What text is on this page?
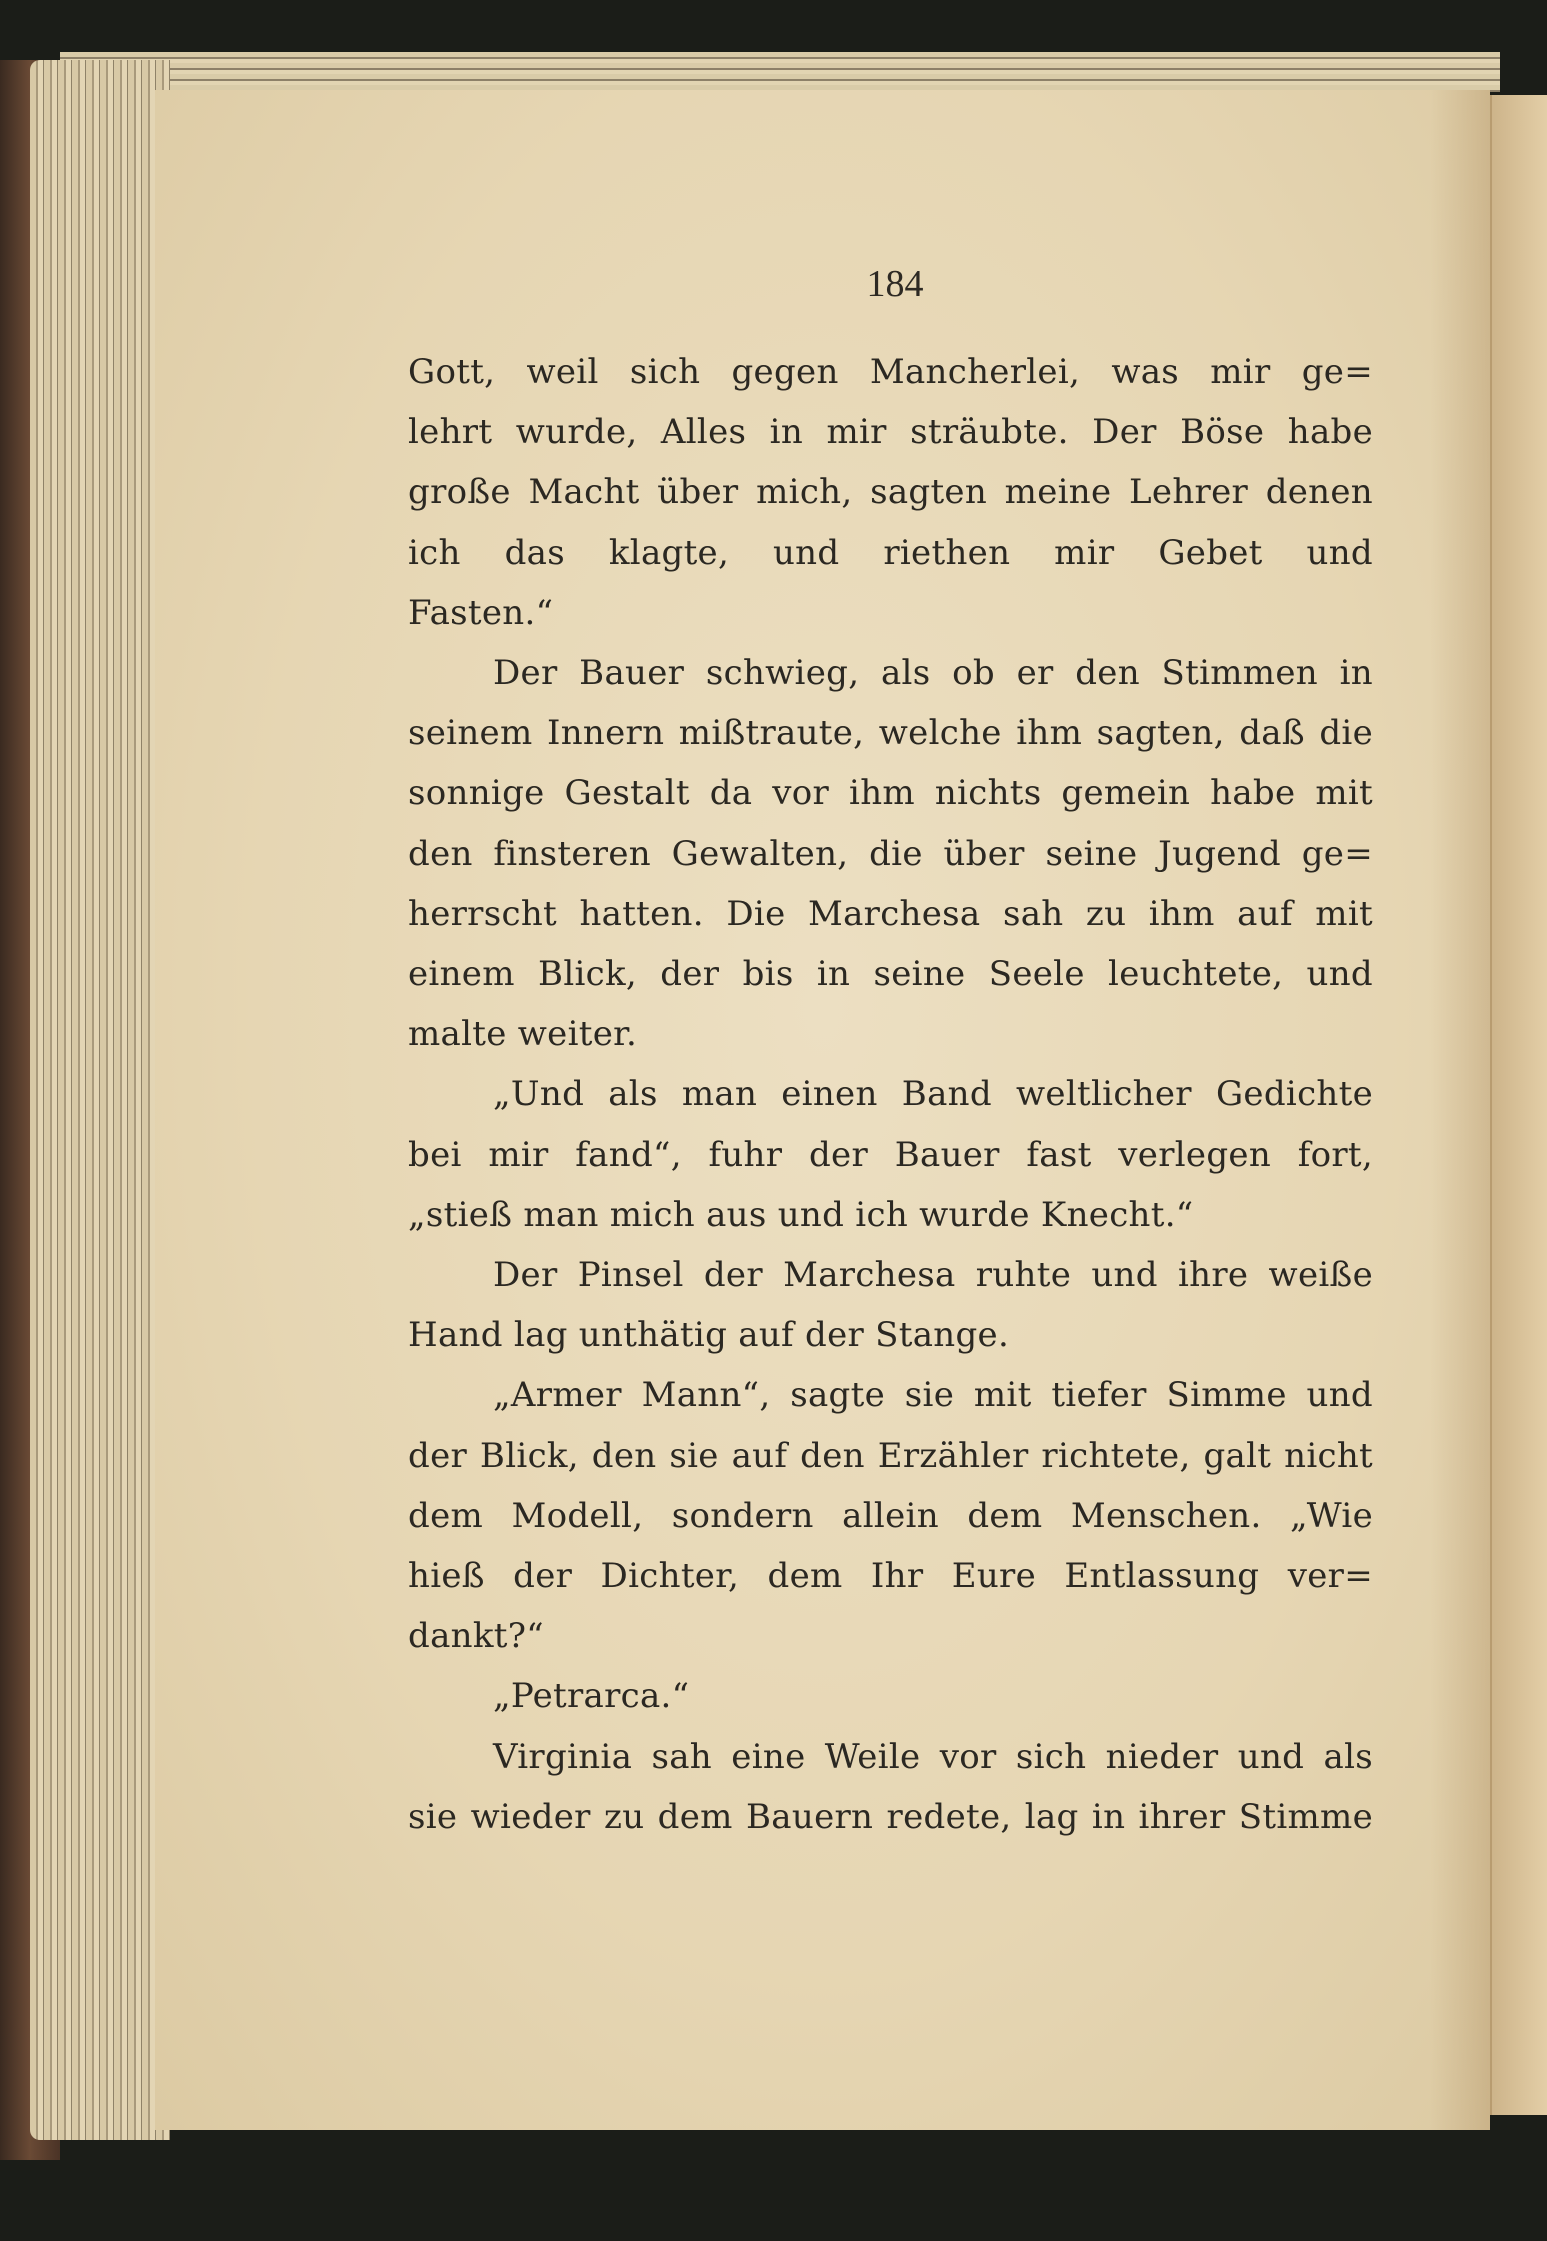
184
Gott, weil sich gegen Mancherlei, was mir ge=
lehrt wurde, Alles in mir sträubte. Der Böse habe
große Macht über mich, sagten meine Lehrer denen
ich das klagte, und riethen mir Gebet und
Fasten.“
Der Bauer schwieg, als ob er den Stimmen in
seinem Innern mißtraute, welche ihm sagten, daß die
sonnige Gestalt da vor ihm nichts gemein habe mit
den finsteren Gewalten, die über seine Jugend ge=
herrscht hatten. Die Marchesa sah zu ihm auf mit
einem Blick, der bis in seine Seele leuchtete, und
malte weiter.
„Und als man einen Band weltlicher Gedichte
bei mir fand“, fuhr der Bauer fast verlegen fort,
„stieß man mich aus und ich wurde Knecht.“
Der Pinsel der Marchesa ruhte und ihre weiße
Hand lag unthätig auf der Stange.
„Armer Mann“, sagte sie mit tiefer Simme und
der Blick, den sie auf den Erzähler richtete, galt nicht
dem Modell, sondern allein dem Menschen. „Wie
hieß der Dichter, dem Ihr Eure Entlassung ver=
dankt?“
„Petrarca.“
Virginia sah eine Weile vor sich nieder und als
sie wieder zu dem Bauern redete, lag in ihrer Stimme
